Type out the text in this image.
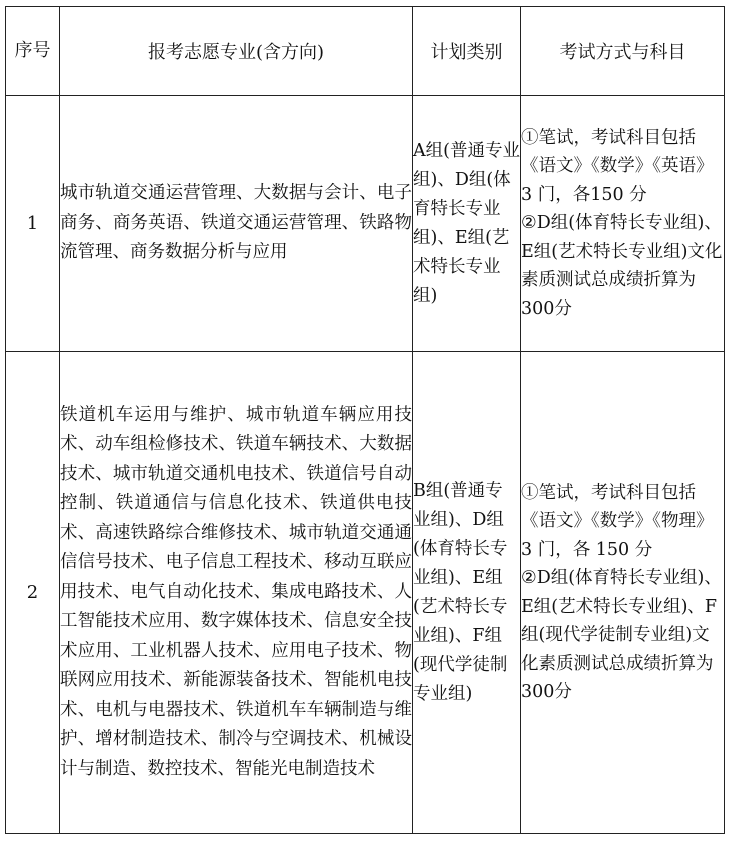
序号	报考志愿专业(含方向)	计划类别	考试方式与科目
1	城市轨道交通运营管理、大数据与会计、电子商务、商务英语、铁道交通运营管理、铁路物流管理、商务数据分析与应用	A组(普通专业组)、D组(体育特长专业组)、E组(艺术特长专业组)	①笔试，考试科目包括《语文》《数学》《英语》3 门，各150 分
②D组(体育特长专业组)、E组(艺术特长专业组)文化素质测试总成绩折算为300分

2	铁道机车运用与维护、城市轨道车辆应用技术、动车组检修技术、铁道车辆技术、大数据技术、城市轨道交通机电技术、铁道信号自动控制、铁道通信与信息化技术、铁道供电技术、高速铁路综合维修技术、城市轨道交通通信信号技术、电子信息工程技术、移动互联应用技术、电气自动化技术、集成电路技术、人工智能技术应用、数字媒体技术、信息安全技术应用、工业机器人技术、应用电子技术、物联网应用技术、新能源装备技术、智能机电技术、电机与电器技术、铁道机车车辆制造与维护、增材制造技术、制冷与空调技术、机械设计与制造、数控技术、智能光电制造技术	B组(普通专业组)、D组(体育特长专业组)、E组(艺术特长专业组)、F组(现代学徒制专业组)	①笔试，考试科目包括《语文》《数学》《物理》3 门，各 150 分
②D组(体育特长专业组)、E组(艺术特长专业组)、F组(现代学徒制专业组)文化素质测试总成绩折算为300分
